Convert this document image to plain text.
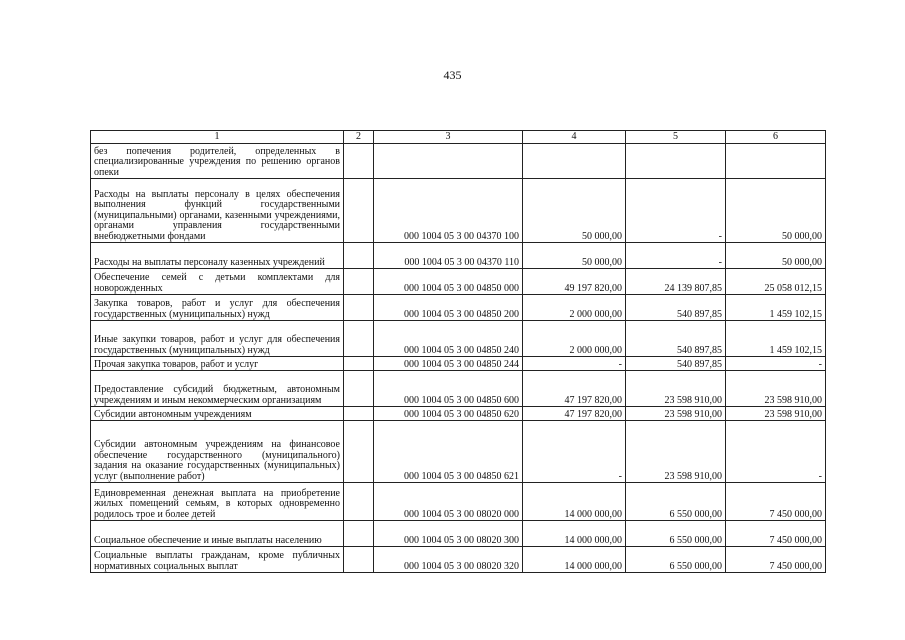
435
1	2	3	4	5	6
без попечения родителей, определенных в специализированные учреждения по решению органов опеки					
Расходы на выплаты персоналу в целях обеспечения выполнения функций государственными (муниципальными) органами, казенными учреждениями, органами управления государственными внебюджетными фондами		000 1004 05 3 00 04370 100	50 000,00	-	50 000,00
Расходы на выплаты персоналу казенных учреждений		000 1004 05 3 00 04370 110	50 000,00	-	50 000,00
Обеспечение семей с детьми комплектами для новорожденных		000 1004 05 3 00 04850 000	49 197 820,00	24 139 807,85	25 058 012,15
Закупка товаров, работ и услуг для обеспечения государственных (муниципальных) нужд		000 1004 05 3 00 04850 200	2 000 000,00	540 897,85	1 459 102,15
Иные закупки товаров, работ и услуг для обеспечения государственных (муниципальных) нужд		000 1004 05 3 00 04850 240	2 000 000,00	540 897,85	1 459 102,15
Прочая закупка товаров, работ и услуг		000 1004 05 3 00 04850 244	-	540 897,85	-
Предоставление субсидий бюджетным, автономным учреждениям и иным некоммерческим организациям		000 1004 05 3 00 04850 600	47 197 820,00	23 598 910,00	23 598 910,00
Субсидии автономным учреждениям		000 1004 05 3 00 04850 620	47 197 820,00	23 598 910,00	23 598 910,00
Субсидии автономным учреждениям на финансовое обеспечение государственного (муниципального) задания на оказание государственных (муниципальных) услуг (выполнение работ)		000 1004 05 3 00 04850 621	-	23 598 910,00	-
Единовременная денежная выплата на приобретение жилых помещений семьям, в которых одновременно родилось трое и более детей		000 1004 05 3 00 08020 000	14 000 000,00	6 550 000,00	7 450 000,00
Социальное обеспечение и иные выплаты населению		000 1004 05 3 00 08020 300	14 000 000,00	6 550 000,00	7 450 000,00
Социальные выплаты гражданам, кроме публичных нормативных социальных выплат		000 1004 05 3 00 08020 320	14 000 000,00	6 550 000,00	7 450 000,00
